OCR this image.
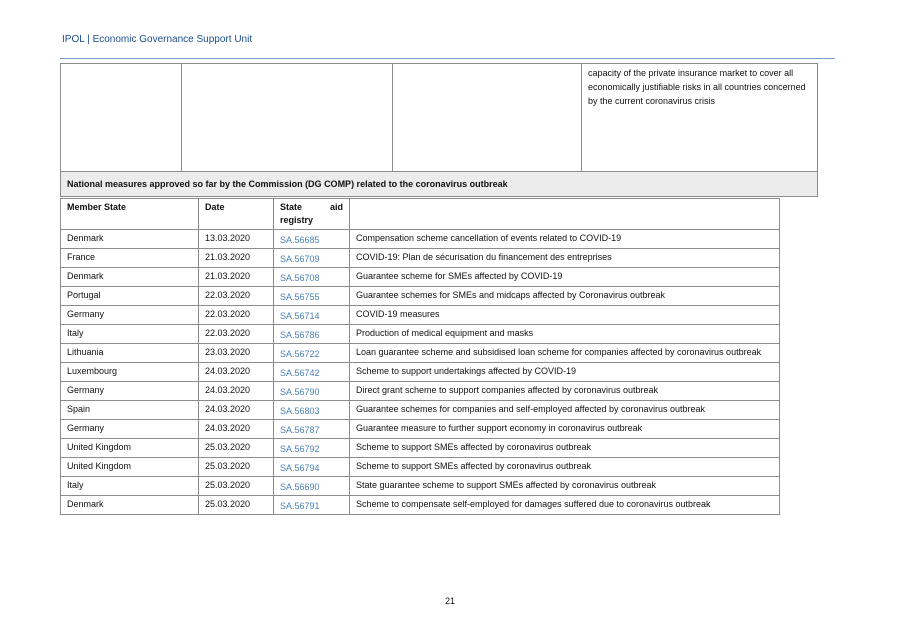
IPOL | Economic Governance Support Unit
			capacity of the private insurance market to cover all economically justifiable risks in all countries concerned by the current coronavirus crisis
National measures approved so far by the Commission (DG COMP) related to the coronavirus outbreak
Member State	Date	State aid registry	
Denmark	13.03.2020	SA.56685	Compensation scheme cancellation of events related to COVID-19
France	21.03.2020	SA.56709	COVID-19: Plan de sécurisation du financement des entreprises
Denmark	21.03.2020	SA.56708	Guarantee scheme for SMEs affected by COVID-19
Portugal	22.03.2020	SA.56755	Guarantee schemes for SMEs and midcaps affected by Coronavirus outbreak
Germany	22.03.2020	SA.56714	COVID-19 measures
Italy	22.03.2020	SA.56786	Production of medical equipment and masks
Lithuania	23.03.2020	SA.56722	Loan guarantee scheme and subsidised loan scheme for companies affected by coronavirus outbreak
Luxembourg	24.03.2020	SA.56742	Scheme to support undertakings affected by COVID-19
Germany	24.03.2020	SA.56790	Direct grant scheme to support companies affected by coronavirus outbreak
Spain	24.03.2020	SA.56803	Guarantee schemes for companies and self-employed affected by coronavirus outbreak
Germany	24.03.2020	SA.56787	Guarantee measure to further support economy in coronavirus outbreak
United Kingdom	25.03.2020	SA.56792	Scheme to support SMEs affected by coronavirus outbreak
United Kingdom	25.03.2020	SA.56794	Scheme to support SMEs affected by coronavirus outbreak
Italy	25.03.2020	SA.56690	State guarantee scheme to support SMEs affected by coronavirus outbreak
Denmark	25.03.2020	SA.56791	Scheme to compensate self-employed for damages suffered due to coronavirus outbreak
21
